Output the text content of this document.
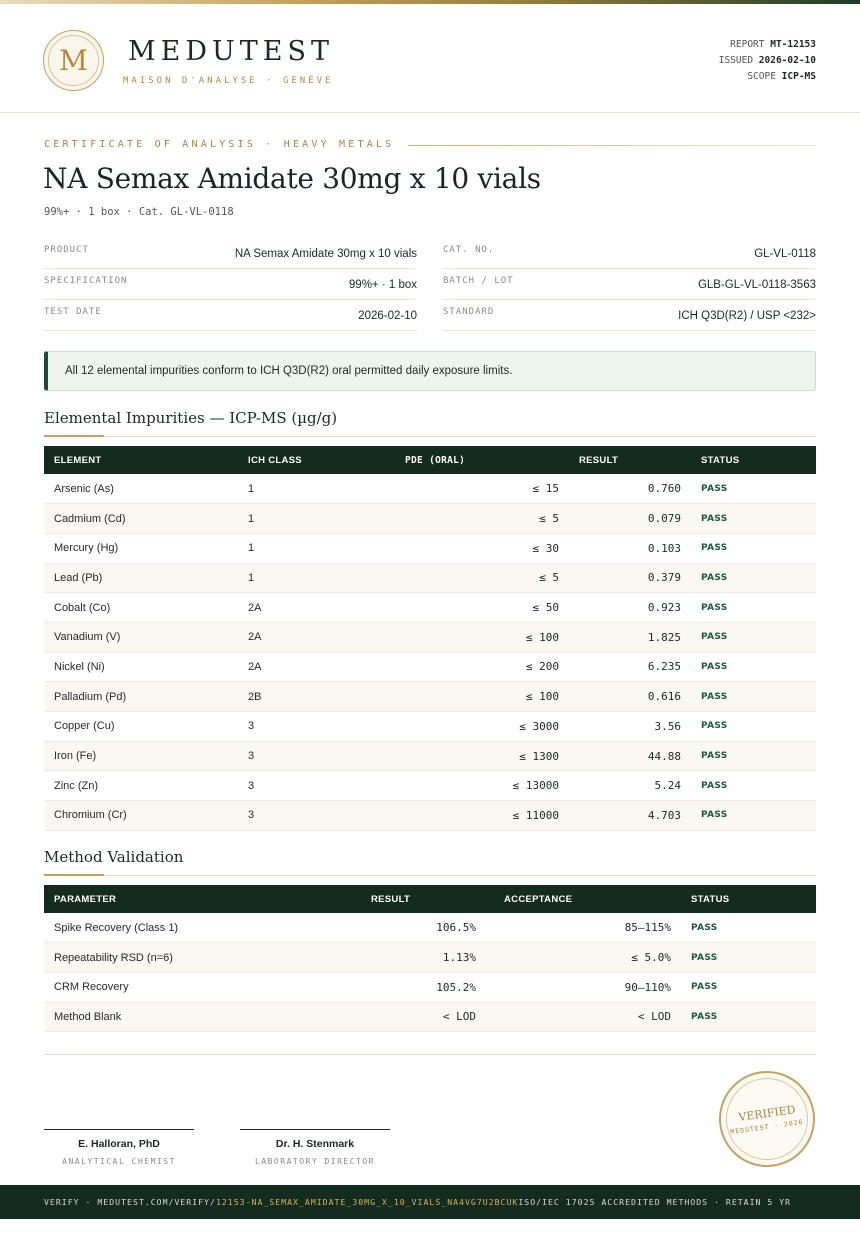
M	MEDUTEST
MAISON D'ANALYSE · GENÈVE
REPORT MT-12153
ISSUED 2026-02-10
SCOPE ICP-MS
CERTIFICATE OF ANALYSIS · HEAVY METALS
NA Semax Amidate 30mg x 10 vials
99%+ · 1 box · Cat. GL-VL-0118
PRODUCT	NA Semax Amidate 30mg x 10 vials
SPECIFICATION	99%+ · 1 box
TEST DATE	2026-02-10
CAT. NO.	GL-VL-0118
BATCH / LOT	GLB-GL-VL-0118-3563
STANDARD	ICH Q3D(R2) / USP <232>
All 12 elemental impurities conform to ICH Q3D(R2) oral permitted daily exposure limits.
Elemental Impurities — ICP-MS (µg/g)
ELEMENT	ICH CLASS	PDE (ORAL)	RESULT	STATUS
Arsenic (As)	1	≤ 15	0.760	PASS
Cadmium (Cd)	1	≤ 5	0.079	PASS
Mercury (Hg)	1	≤ 30	0.103	PASS
Lead (Pb)	1	≤ 5	0.379	PASS
Cobalt (Co)	2A	≤ 50	0.923	PASS
Vanadium (V)	2A	≤ 100	1.825	PASS
Nickel (Ni)	2A	≤ 200	6.235	PASS
Palladium (Pd)	2B	≤ 100	0.616	PASS
Copper (Cu)	3	≤ 3000	3.56	PASS
Iron (Fe)	3	≤ 1300	44.88	PASS
Zinc (Zn)	3	≤ 13000	5.24	PASS
Chromium (Cr)	3	≤ 11000	4.703	PASS
Method Validation
PARAMETER	RESULT	ACCEPTANCE	STATUS
Spike Recovery (Class 1)	106.5%	85–115%	PASS
Repeatability RSD (n=6)	1.13%	≤ 5.0%	PASS
CRM Recovery	105.2%	90–110%	PASS
Method Blank	< LOD	< LOD	PASS
E. Halloran, PhD
ANALYTICAL CHEMIST
Dr. H. Stenmark
LABORATORY DIRECTOR
VERIFIED
MEDUTEST · 2026
VERIFY · MEDUTEST.COM/VERIFY/ 12153-NA_SEMAX_AMIDATE_30MG_X_10_VIALS_NA4VG7U2BCUK ISO/IEC 17025 ACCREDITED METHODS · RETAIN 5 YR
